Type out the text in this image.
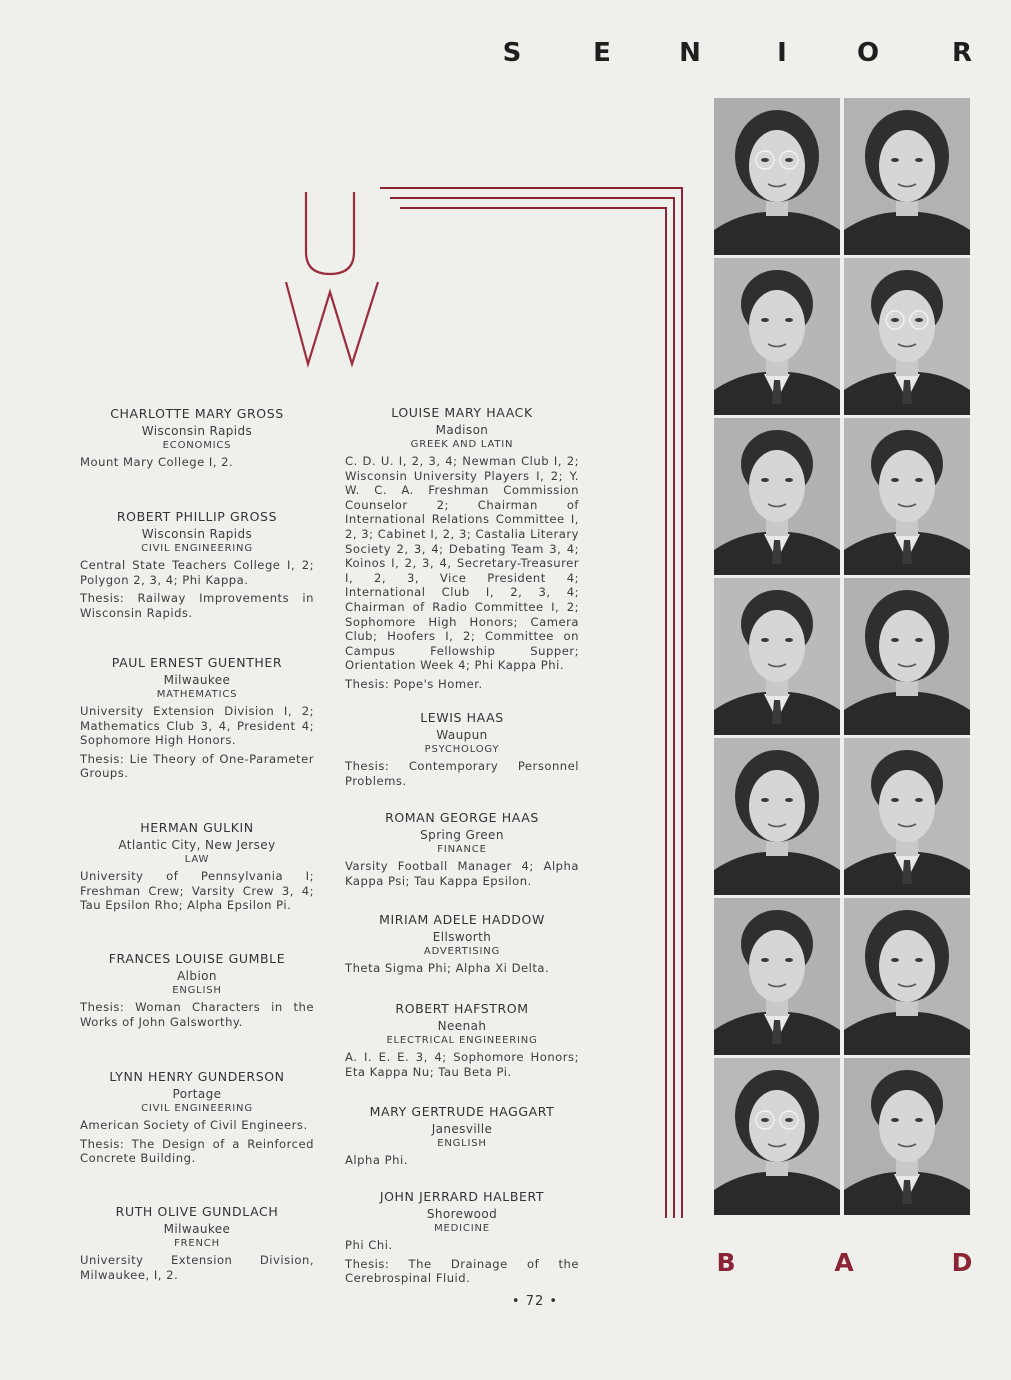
S	E	N	I	O	R
CHARLOTTE MARY GROSS
Wisconsin Rapids
ECONOMICS
Mount Mary College I, 2.
ROBERT PHILLIP GROSS
Wisconsin Rapids
CIVIL ENGINEERING
Central State Teachers College I, 2; Polygon 2, 3, 4; Phi Kappa.
Thesis: Railway Improvements in Wisconsin Rapids.
PAUL ERNEST GUENTHER
Milwaukee
MATHEMATICS
University Extension Division I, 2; Mathematics Club 3, 4, President 4; Sophomore High Honors.
Thesis: Lie Theory of One-Parameter Groups.
HERMAN GULKIN
Atlantic City, New Jersey
LAW
University of Pennsylvania I; Freshman Crew; Varsity Crew 3, 4; Tau Epsilon Rho; Alpha Epsilon Pi.
FRANCES LOUISE GUMBLE
Albion
ENGLISH
Thesis: Woman Characters in the Works of John Galsworthy.
LYNN HENRY GUNDERSON
Portage
CIVIL ENGINEERING
American Society of Civil Engineers.
Thesis: The Design of a Reinforced Concrete Building.
RUTH OLIVE GUNDLACH
Milwaukee
FRENCH
University Extension Division, Milwaukee, I, 2.
LOUISE MARY HAACK
Madison
GREEK AND LATIN
C. D. U. I, 2, 3, 4; Newman Club I, 2; Wisconsin University Players I, 2; Y. W. C. A. Freshman Commission Counselor 2; Chairman of International Relations Committee I, 2, 3; Cabinet I, 2, 3; Castalia Literary Society 2, 3, 4; Debating Team 3, 4; Koinos I, 2, 3, 4, Secretary-Treasurer I, 2, 3, Vice President 4; International Club I, 2, 3, 4; Chairman of Radio Committee I, 2; Sophomore High Honors; Camera Club; Hoofers I, 2; Committee on Campus Fellowship Supper; Orientation Week 4; Phi Kappa Phi.
Thesis: Pope's Homer.
LEWIS HAAS
Waupun
PSYCHOLOGY
Thesis: Contemporary Personnel Problems.
ROMAN GEORGE HAAS
Spring Green
FINANCE
Varsity Football Manager 4; Alpha Kappa Psi; Tau Kappa Epsilon.
MIRIAM ADELE HADDOW
Ellsworth
ADVERTISING
Theta Sigma Phi; Alpha Xi Delta.
ROBERT HAFSTROM
Neenah
ELECTRICAL ENGINEERING
A. I. E. E. 3, 4; Sophomore Honors; Eta Kappa Nu; Tau Beta Pi.
MARY GERTRUDE HAGGART
Janesville
ENGLISH
Alpha Phi.
JOHN JERRARD HALBERT
Shorewood
MEDICINE
Phi Chi.
Thesis: The Drainage of the Cerebrospinal Fluid.
B	A	D
• 72 •
